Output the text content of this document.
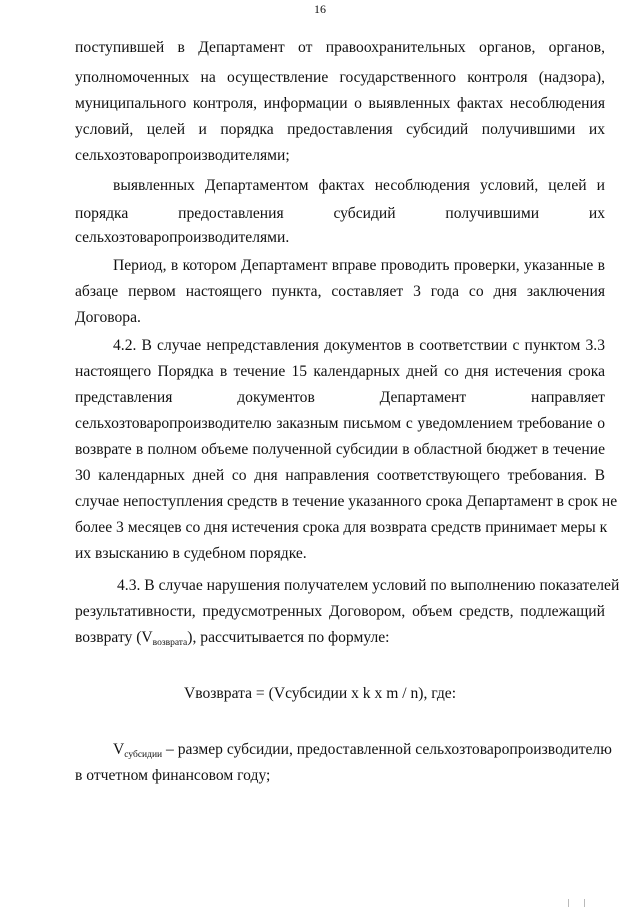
16
поступившей в Департамент от правоохранительных органов, органов,
уполномоченных на осуществление государственного контроля (надзора),
муниципального контроля, информации о выявленных фактах несоблюдения
условий, целей и порядка предоставления субсидий получившими их
сельхозтоваропроизводителями;
выявленных Департаментом фактах несоблюдения условий, целей и
порядка предоставления субсидий получившими их
сельхозтоваропроизводителями.
Период, в котором Департамент вправе проводить проверки, указанные в
абзаце первом настоящего пункта, составляет 3 года со дня заключения
Договора.
4.2. В случае непредставления документов в соответствии с пунктом 3.3
настоящего Порядка в течение 15 календарных дней со дня истечения срока
представления документов Департамент направляет
сельхозтоваропроизводителю заказным письмом с уведомлением требование о
возврате в полном объеме полученной субсидии в областной бюджет в течение
30 календарных дней со дня направления соответствующего требования. В
случае непоступления средств в течение указанного срока Департамент в срок не
более 3 месяцев со дня истечения срока для возврата средств принимает меры к
их взысканию в судебном порядке.
4.3. В случае нарушения получателем условий по выполнению показателей
результативности, предусмотренных Договором, объем средств, подлежащий
возврату $(V_{возврата})$, рассчитывается по формуле:
Vвозврата = (Vсубсидии x k x m / n), где:
$V_{субсидии}$ – размер субсидии, предоставленной сельхозтоваропроизводителю
в отчетном финансовом году;
| |
